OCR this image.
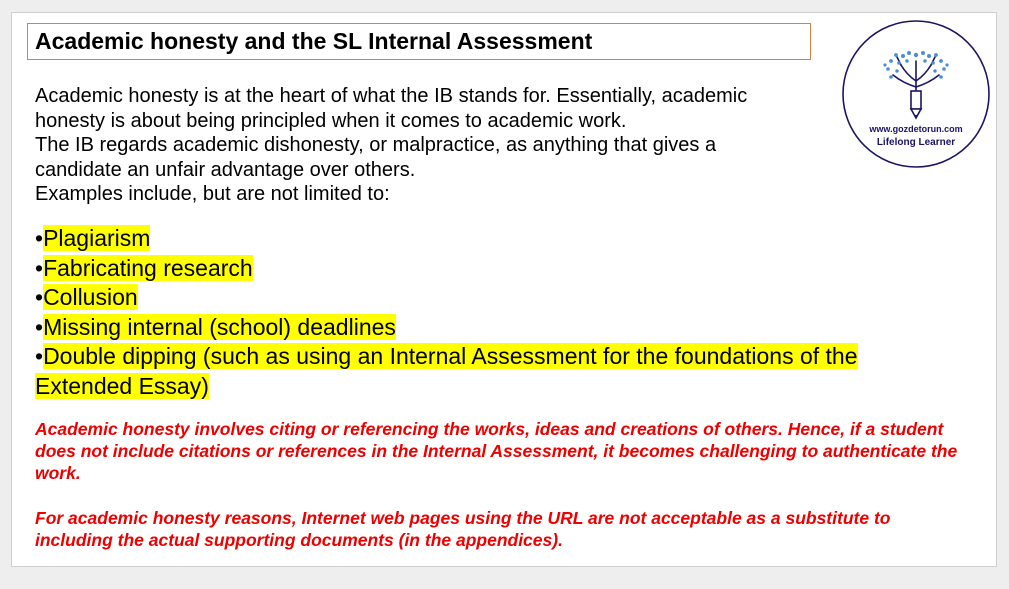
Academic honesty and the SL Internal Assessment

Academic honesty is at the heart of what the IB stands for. Essentially, academic honesty is about being principled when it comes to academic work.

The IB regards academic dishonesty, or malpractice, as anything that gives a candidate an unfair advantage over others.

Examples include, but are not limited to:

•Plagiarism
•Fabricating research
•Collusion
•Missing internal (school) deadlines
•Double dipping (such as using an Internal Assessment for the foundations of the Extended Essay)

Academic honesty involves citing or referencing the works, ideas and creations of others. Hence, if a student does not include citations or references in the Internal Assessment, it becomes challenging to authenticate the work.

For academic honesty reasons, Internet web pages using the URL are not acceptable as a substitute to including the actual supporting documents (in the appendices).

www.gozdetorun.com
Lifelong Learner
